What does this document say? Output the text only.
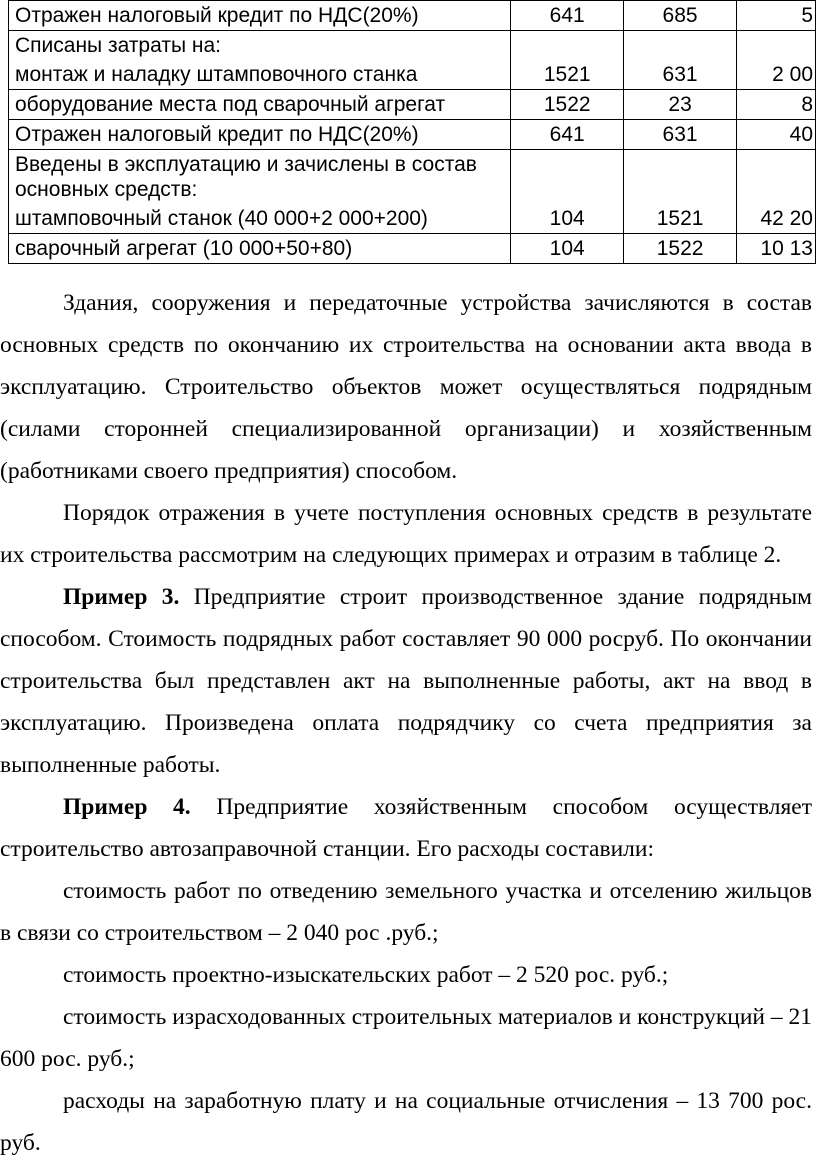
Отражен налоговый кредит по НДС(20%)	641	685	5
Списаны затраты на:			
монтаж и наладку штамповочного станка	1521	631	2 00
оборудование места под сварочный агрегат	1522	23	8
Отражен налоговый кредит по НДС(20%)	641	631	40
Введены в эксплуатацию и зачислены в состав основных средств:			
штамповочный станок (40 000+2 000+200)	104	1521	42 20
сварочный агрегат (10 000+50+80)	104	1522	10 13

Здания, сооружения и передаточные устройства зачисляются в состав основных средств по окончанию их строительства на основании акта ввода в эксплуатацию. Строительство объектов может осуществляться подрядным (силами сторонней специализированной организации) и хозяйственным (работниками своего предприятия) способом.

Порядок отражения в учете поступления основных средств в результате их строительства рассмотрим на следующих примерах и отразим в таблице 2.

Пример 3. Предприятие строит производственное здание подрядным способом. Стоимость подрядных работ составляет 90 000 росруб. По окончании строительства был представлен акт на выполненные работы, акт на ввод в эксплуатацию. Произведена оплата подрядчику со счета предприятия за выполненные работы.

Пример 4. Предприятие хозяйственным способом осуществляет строительство автозаправочной станции. Его расходы составили:

стоимость работ по отведению земельного участка и отселению жильцов в связи со строительством – 2 040 рос .руб.;

стоимость проектно-изыскательских работ – 2 520 рос. руб.;

стоимость израсходованных строительных материалов и конструкций – 21 600 рос. руб.;

расходы на заработную плату и на социальные отчисления – 13 700 рос. руб.
